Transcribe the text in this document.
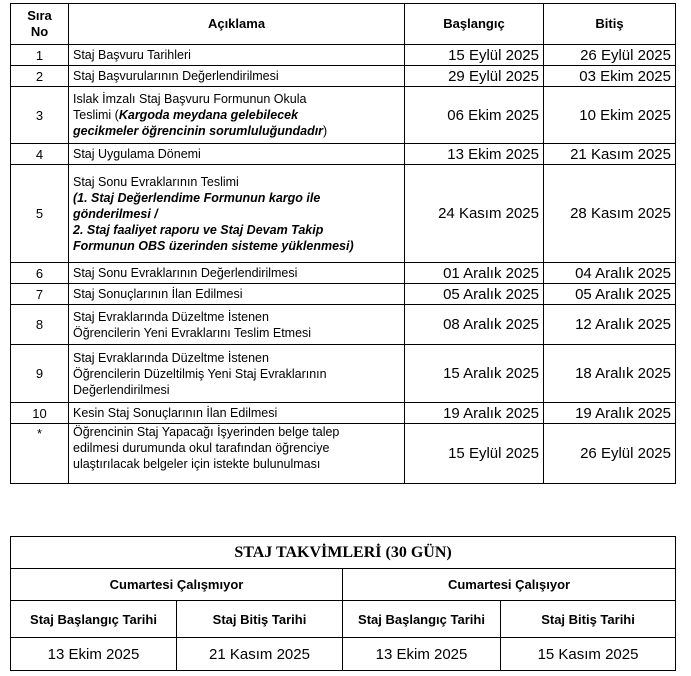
Sıra No	Açıklama	Başlangıç	Bitiş
1	Staj Başvuru Tarihleri	15 Eylül 2025	26 Eylül 2025
2	Staj Başvurularının Değerlendirilmesi	29 Eylül 2025	03 Ekim 2025
3	Islak İmzalı Staj Başvuru Formunun Okula
Teslimi (Kargoda meydana gelebilecek
gecikmeler öğrencinin sorumluluğundadır)	06 Ekim 2025	10 Ekim 2025
4	Staj Uygulama Dönemi	13 Ekim 2025	21 Kasım 2025
5	Staj Sonu Evraklarının Teslimi
(1. Staj Değerlendime Formunun kargo ile
gönderilmesi /
2. Staj faaliyet raporu ve Staj Devam Takip
Formunun OBS üzerinden sisteme yüklenmesi)	24 Kasım 2025	28 Kasım 2025
6	Staj Sonu Evraklarının Değerlendirilmesi	01 Aralık 2025	04 Aralık 2025
7	Staj Sonuçlarının İlan Edilmesi	05 Aralık 2025	05 Aralık 2025
8	Staj Evraklarında Düzeltme İstenen
Öğrencilerin Yeni Evraklarını Teslim Etmesi	08 Aralık 2025	12 Aralık 2025
9	Staj Evraklarında Düzeltme İstenen
Öğrencilerin Düzeltilmiş Yeni Staj Evraklarının
Değerlendirilmesi	15 Aralık 2025	18 Aralık 2025
10	Kesin Staj Sonuçlarının İlan Edilmesi	19 Aralık 2025	19 Aralık 2025
*	Öğrencinin Staj Yapacağı İşyerinden belge talep
edilmesi durumunda okul tarafından öğrenciye
ulaştırılacak belgeler için istekte bulunulması	15 Eylül 2025	26 Eylül 2025
STAJ TAKVİMLERİ (30 GÜN)			
Cumartesi Çalışmıyor		Cumartesi Çalışıyor	
Staj Başlangıç Tarihi	Staj Bitiş Tarihi	Staj Başlangıç Tarihi	Staj Bitiş Tarihi
13 Ekim 2025	21 Kasım 2025	13 Ekim 2025	15 Kasım 2025
